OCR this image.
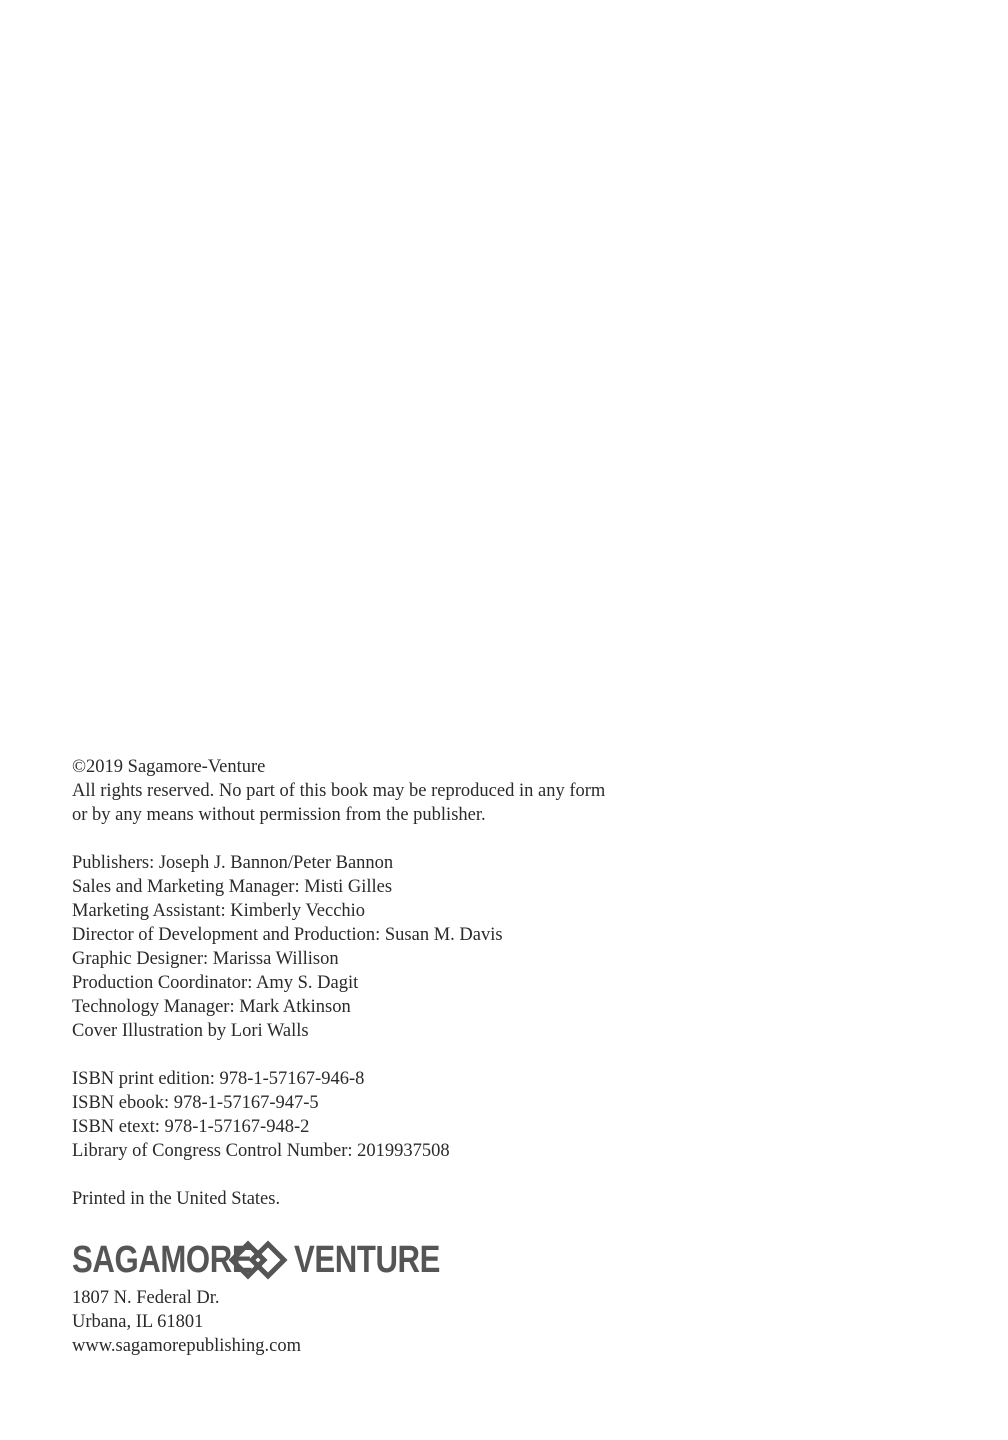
©2019 Sagamore-Venture

All rights reserved. No part of this book may be reproduced in any form

or by any means without permission from the publisher.

Publishers: Joseph J. Bannon/Peter Bannon

Sales and Marketing Manager: Misti Gilles

Marketing Assistant: Kimberly Vecchio

Director of Development and Production: Susan M. Davis

Graphic Designer: Marissa Willison

Production Coordinator: Amy S. Dagit

Technology Manager: Mark Atkinson

Cover Illustration by Lori Walls

ISBN print edition: 978-1-57167-946-8

ISBN ebook: 978-1-57167-947-5

ISBN etext: 978-1-57167-948-2

Library of Congress Control Number: 2019937508

Printed in the United States.

SAGAMORE VENTURE

1807 N. Federal Dr.

Urbana, IL 61801

www.sagamorepublishing.com
